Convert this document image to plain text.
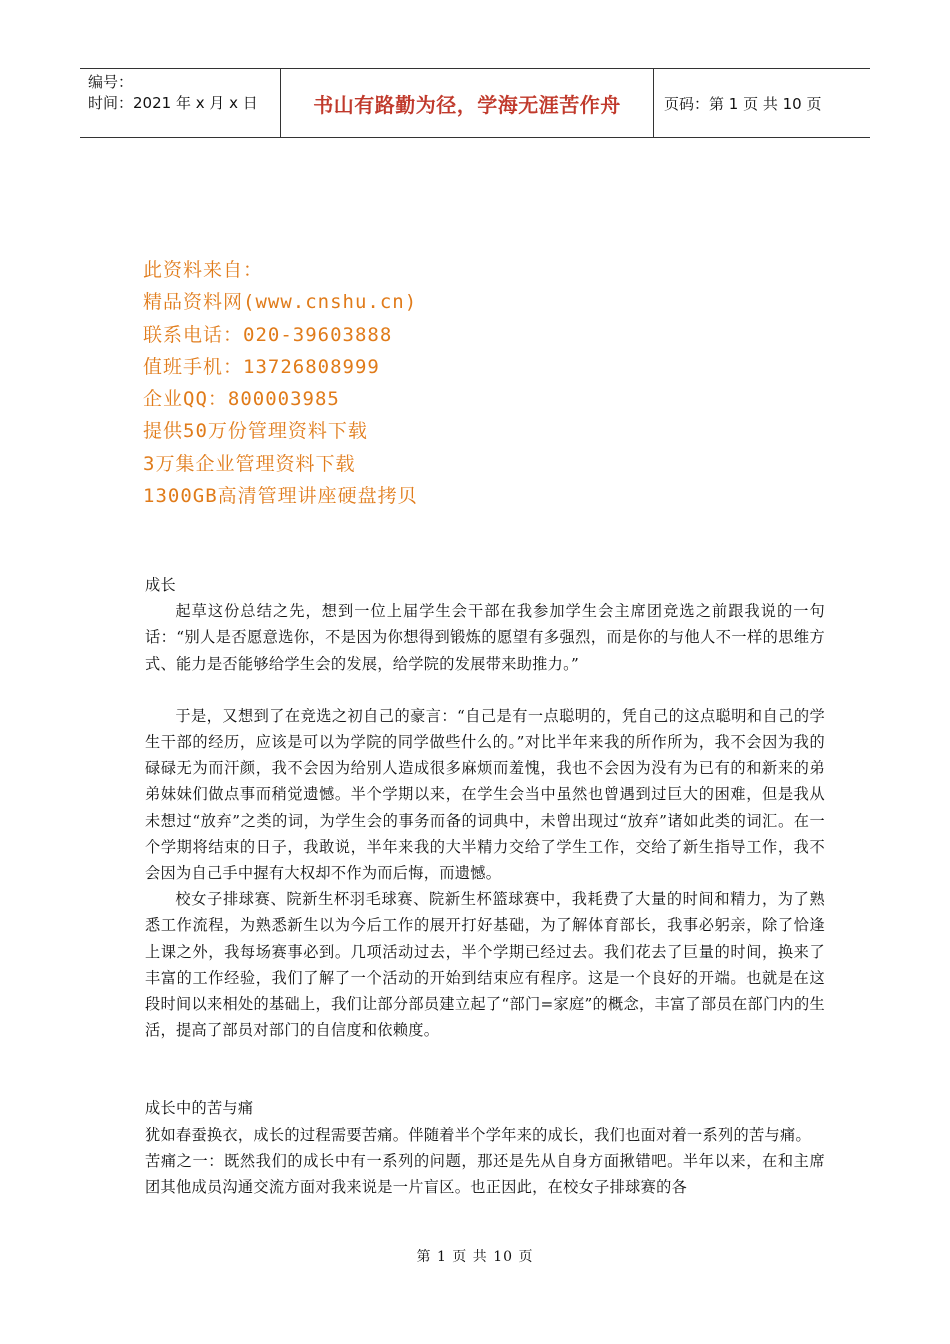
编号：
时间：2021 年 x 月 x 日	书山有路勤为径，学海无涯苦作舟	页码：第 1 页 共 10 页
此资料来自：
精品资料网(www.cnshu.cn)
联系电话：020-39603888
值班手机：13726808999
企业QQ：800003985
提供50万份管理资料下载
3万集企业管理资料下载
1300GB高清管理讲座硬盘拷贝

成长

起草这份总结之先，想到一位上届学生会干部在我参加学生会主席团竞选之前跟我说的一句话：“别人是否愿意选你，不是因为你想得到锻炼的愿望有多强烈，而是你的与他人不一样的思维方式、能力是否能够给学生会的发展，给学院的发展带来助推力。”

于是，又想到了在竞选之初自己的豪言：“自己是有一点聪明的，凭自己的这点聪明和自己的学生干部的经历，应该是可以为学院的同学做些什么的。”对比半年来我的所作所为，我不会因为我的碌碌无为而汗颜，我不会因为给别人造成很多麻烦而羞愧，我也不会因为没有为已有的和新来的弟弟妹妹们做点事而稍觉遗憾。半个学期以来，在学生会当中虽然也曾遇到过巨大的困难，但是我从未想过“放弃”之类的词，为学生会的事务而备的词典中，未曾出现过“放弃”诸如此类的词汇。在一个学期将结束的日子，我敢说，半年来我的大半精力交给了学生工作，交给了新生指导工作，我不会因为自己手中握有大权却不作为而后悔，而遗憾。

校女子排球赛、院新生杯羽毛球赛、院新生杯篮球赛中，我耗费了大量的时间和精力，为了熟悉工作流程，为熟悉新生以为今后工作的展开打好基础，为了解体育部长，我事必躬亲，除了恰逢上课之外，我每场赛事必到。几项活动过去，半个学期已经过去。我们花去了巨量的时间，换来了丰富的工作经验，我们了解了一个活动的开始到结束应有程序。这是一个良好的开端。也就是在这段时间以来相处的基础上，我们让部分部员建立起了“部门=家庭”的概念，丰富了部员在部门内的生活，提高了部员对部门的自信度和依赖度。

成长中的苦与痛

犹如春蚕换衣，成长的过程需要苦痛。伴随着半个学年来的成长，我们也面对着一系列的苦与痛。

苦痛之一：既然我们的成长中有一系列的问题，那还是先从自身方面揪错吧。半年以来，在和主席团其他成员沟通交流方面对我来说是一片盲区。也正因此，在校女子排球赛的各

第 1 页 共 10 页
